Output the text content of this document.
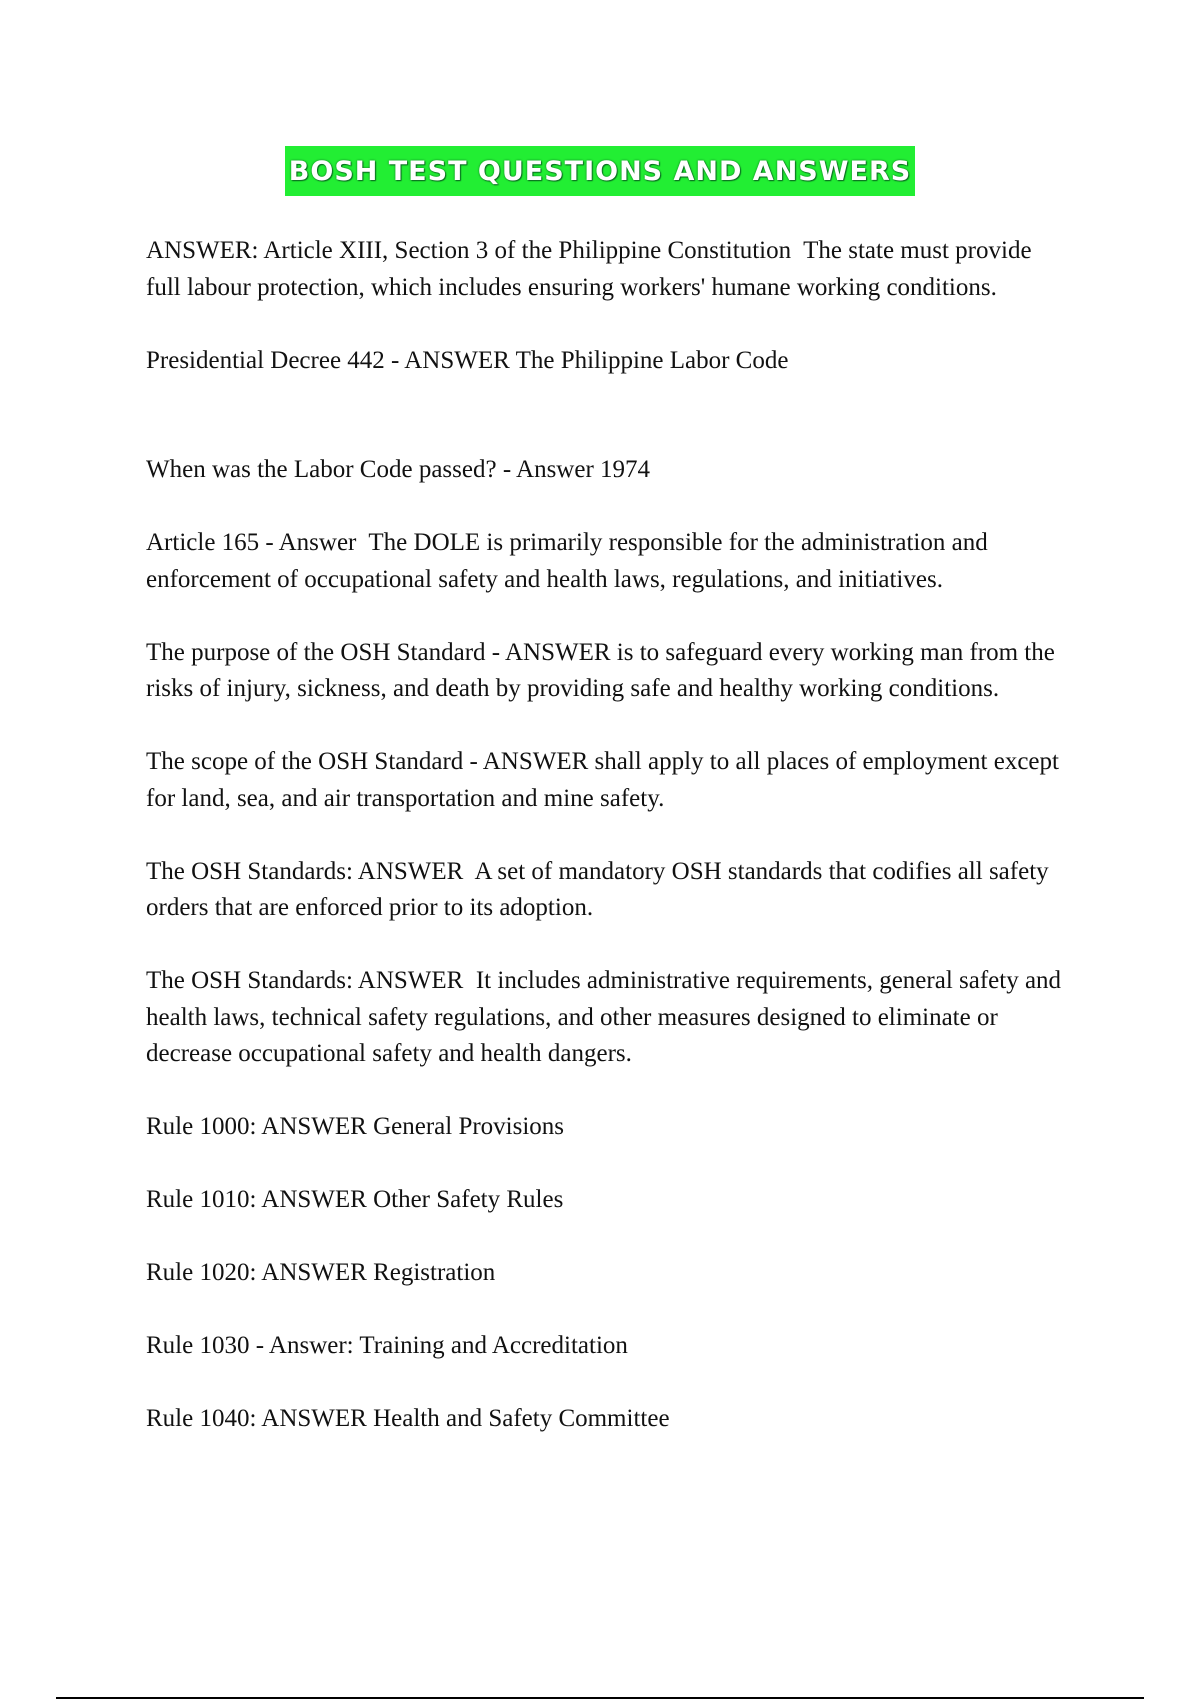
BOSH TEST QUESTIONS AND ANSWERS

ANSWER: Article XIII, Section 3 of the Philippine Constitution  The state must provide full labour protection, which includes ensuring workers' humane working conditions.

Presidential Decree 442 - ANSWER The Philippine Labor Code

When was the Labor Code passed? - Answer 1974

Article 165 - Answer  The DOLE is primarily responsible for the administration and enforcement of occupational safety and health laws, regulations, and initiatives.

The purpose of the OSH Standard - ANSWER is to safeguard every working man from the risks of injury, sickness, and death by providing safe and healthy working conditions.

The scope of the OSH Standard - ANSWER shall apply to all places of employment except for land, sea, and air transportation and mine safety.

The OSH Standards: ANSWER  A set of mandatory OSH standards that codifies all safety orders that are enforced prior to its adoption.

The OSH Standards: ANSWER  It includes administrative requirements, general safety and health laws, technical safety regulations, and other measures designed to eliminate or decrease occupational safety and health dangers.

Rule 1000: ANSWER General Provisions

Rule 1010: ANSWER Other Safety Rules

Rule 1020: ANSWER Registration

Rule 1030 - Answer: Training and Accreditation

Rule 1040: ANSWER Health and Safety Committee
